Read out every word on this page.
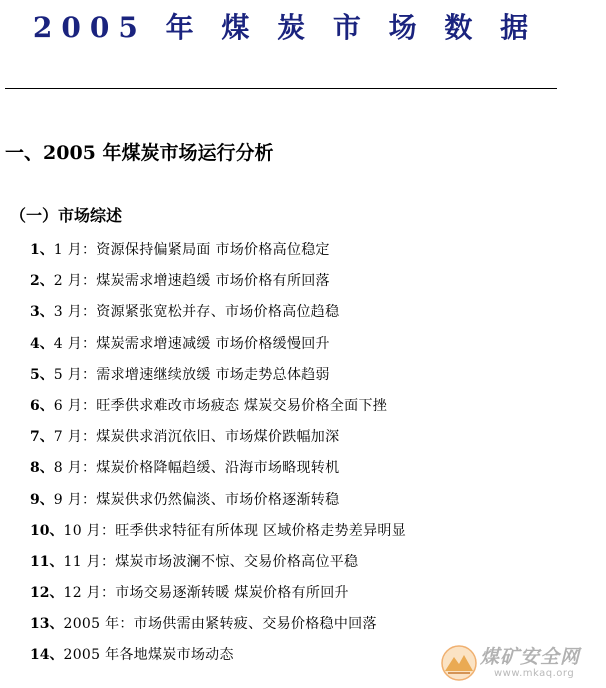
2005 年 煤 炭 市 场 数 据
一、2005 年煤炭市场运行分析
（一）市场综述
1、1 月：资源保持偏紧局面 市场价格高位稳定
2、2 月：煤炭需求增速趋缓 市场价格有所回落
3、3 月：资源紧张宽松并存、市场价格高位趋稳
4、4 月：煤炭需求增速减缓 市场价格缓慢回升
5、5 月：需求增速继续放缓 市场走势总体趋弱
6、6 月：旺季供求难改市场疲态 煤炭交易价格全面下挫
7、7 月：煤炭供求消沉依旧、市场煤价跌幅加深
8、8 月：煤炭价格降幅趋缓、沿海市场略现转机
9、9 月：煤炭供求仍然偏淡、市场价格逐渐转稳
10、10 月：旺季供求特征有所体现 区域价格走势差异明显
11、11 月：煤炭市场波澜不惊、交易价格高位平稳
12、12 月：市场交易逐渐转暖 煤炭价格有所回升
13、2005 年：市场供需由紧转疲、交易价格稳中回落
14、2005 年各地煤炭市场动态	煤矿安全网
www.mkaq.org
